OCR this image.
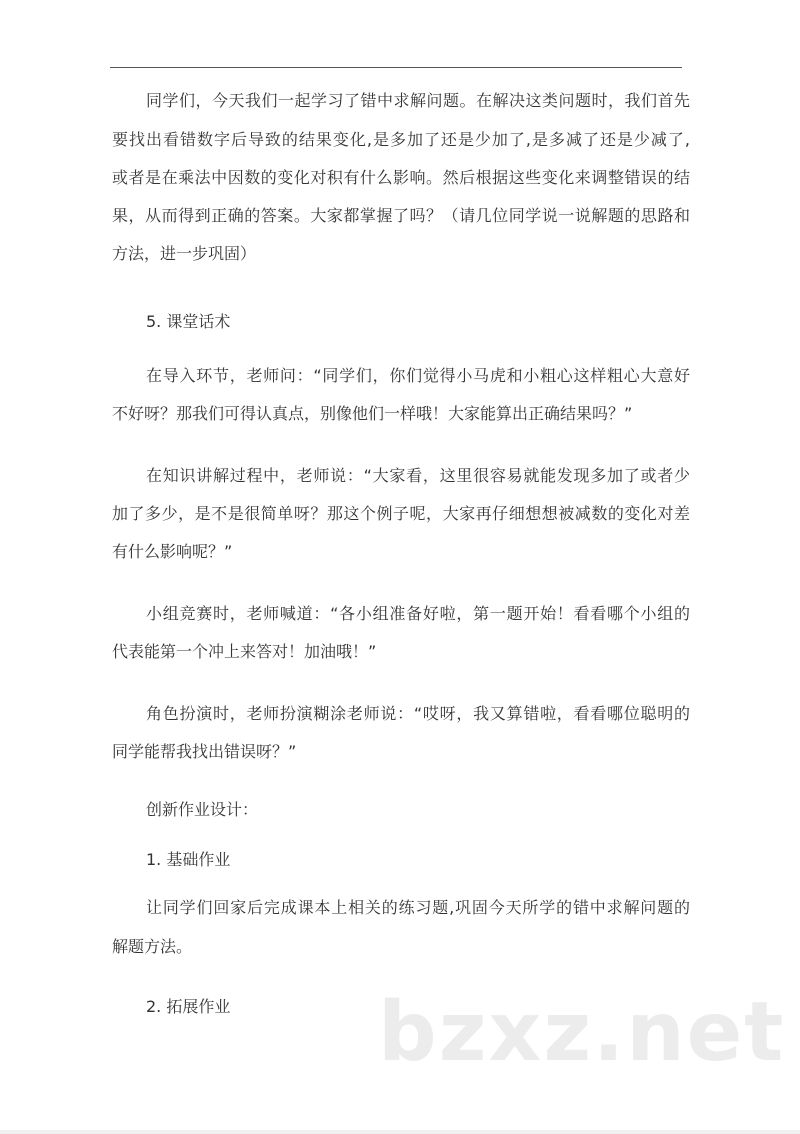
同学们，今天我们一起学习了错中求解问题。在解决这类问题时，我们首先
要找出看错数字后导致的结果变化,是多加了还是少加了,是多减了还是少减了,
或者是在乘法中因数的变化对积有什么影响。然后根据这些变化来调整错误的结
果，从而得到正确的答案。大家都掌握了吗？（请几位同学说一说解题的思路和
方法，进一步巩固）
5. 课堂话术
在导入环节，老师问：“同学们，你们觉得小马虎和小粗心这样粗心大意好
不好呀？那我们可得认真点，别像他们一样哦！大家能算出正确结果吗？”
在知识讲解过程中，老师说：“大家看，这里很容易就能发现多加了或者少
加了多少，是不是很简单呀？那这个例子呢，大家再仔细想想被减数的变化对差
有什么影响呢？”
小组竞赛时，老师喊道：“各小组准备好啦，第一题开始！看看哪个小组的
代表能第一个冲上来答对！加油哦！”
角色扮演时，老师扮演糊涂老师说：“哎呀，我又算错啦，看看哪位聪明的
同学能帮我找出错误呀？”
创新作业设计：
1. 基础作业
让同学们回家后完成课本上相关的练习题,巩固今天所学的错中求解问题的
解题方法。
2. 拓展作业	bzxz.net
